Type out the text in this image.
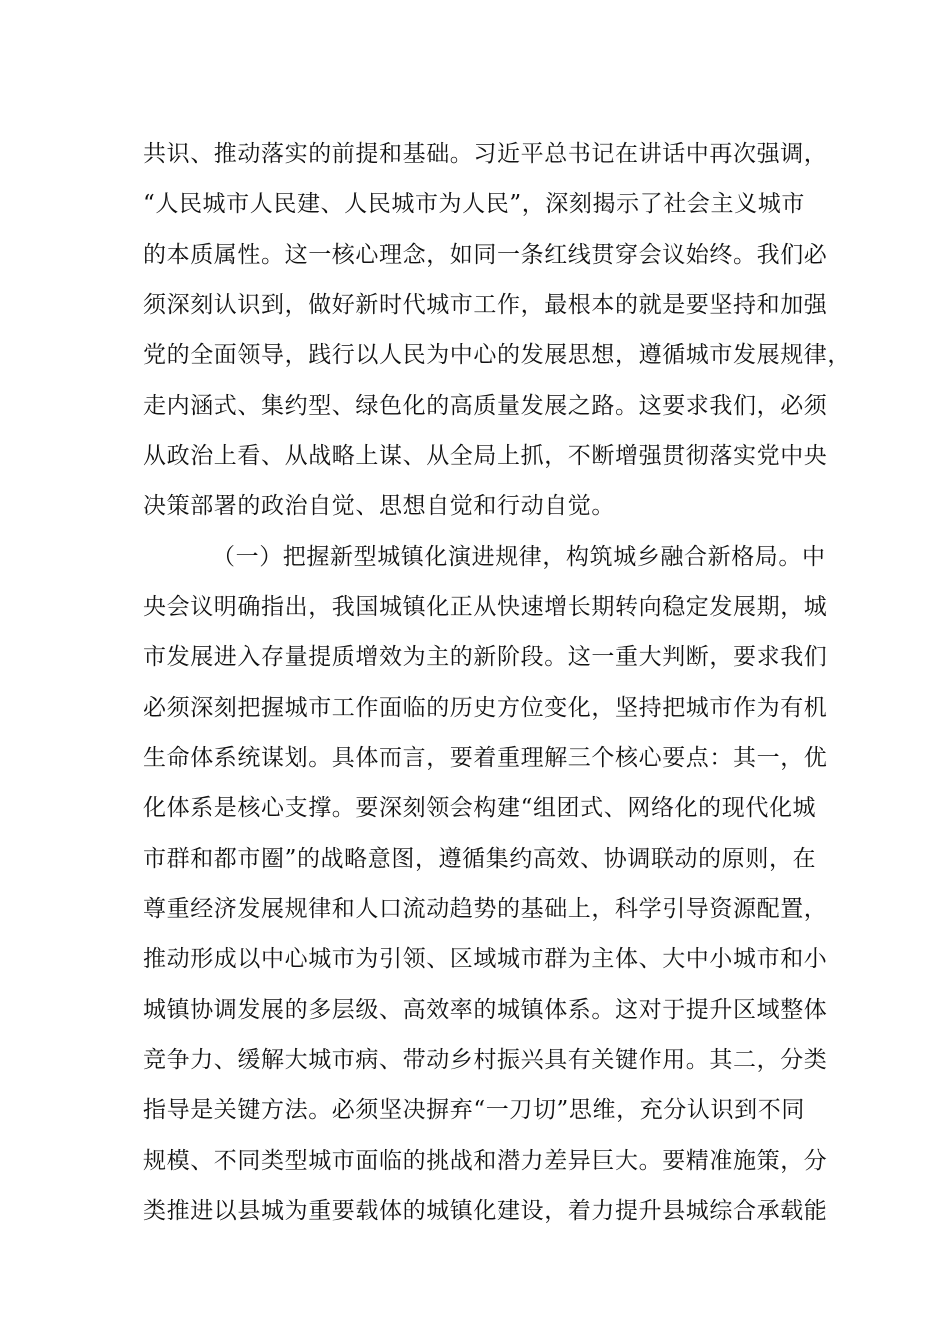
共识、推动落实的前提和基础。习近平总书记在讲话中再次强调，

“人民城市人民建、人民城市为人民”，深刻揭示了社会主义城市

的本质属性。这一核心理念，如同一条红线贯穿会议始终。我们必

须深刻认识到，做好新时代城市工作，最根本的就是要坚持和加强

党的全面领导，践行以人民为中心的发展思想，遵循城市发展规律，

走内涵式、集约型、绿色化的高质量发展之路。这要求我们，必须

从政治上看、从战略上谋、从全局上抓，不断增强贯彻落实党中央

决策部署的政治自觉、思想自觉和行动自觉。

（一）把握新型城镇化演进规律，构筑城乡融合新格局。中

央会议明确指出，我国城镇化正从快速增长期转向稳定发展期，城

市发展进入存量提质增效为主的新阶段。这一重大判断，要求我们

必须深刻把握城市工作面临的历史方位变化，坚持把城市作为有机

生命体系统谋划。具体而言，要着重理解三个核心要点：其一，优

化体系是核心支撑。要深刻领会构建“组团式、网络化的现代化城

市群和都市圈”的战略意图，遵循集约高效、协调联动的原则，在

尊重经济发展规律和人口流动趋势的基础上，科学引导资源配置，

推动形成以中心城市为引领、区域城市群为主体、大中小城市和小

城镇协调发展的多层级、高效率的城镇体系。这对于提升区域整体

竞争力、缓解大城市病、带动乡村振兴具有关键作用。其二，分类

指导是关键方法。必须坚决摒弃“一刀切”思维，充分认识到不同

规模、不同类型城市面临的挑战和潜力差异巨大。要精准施策，分

类推进以县城为重要载体的城镇化建设，着力提升县城综合承载能
